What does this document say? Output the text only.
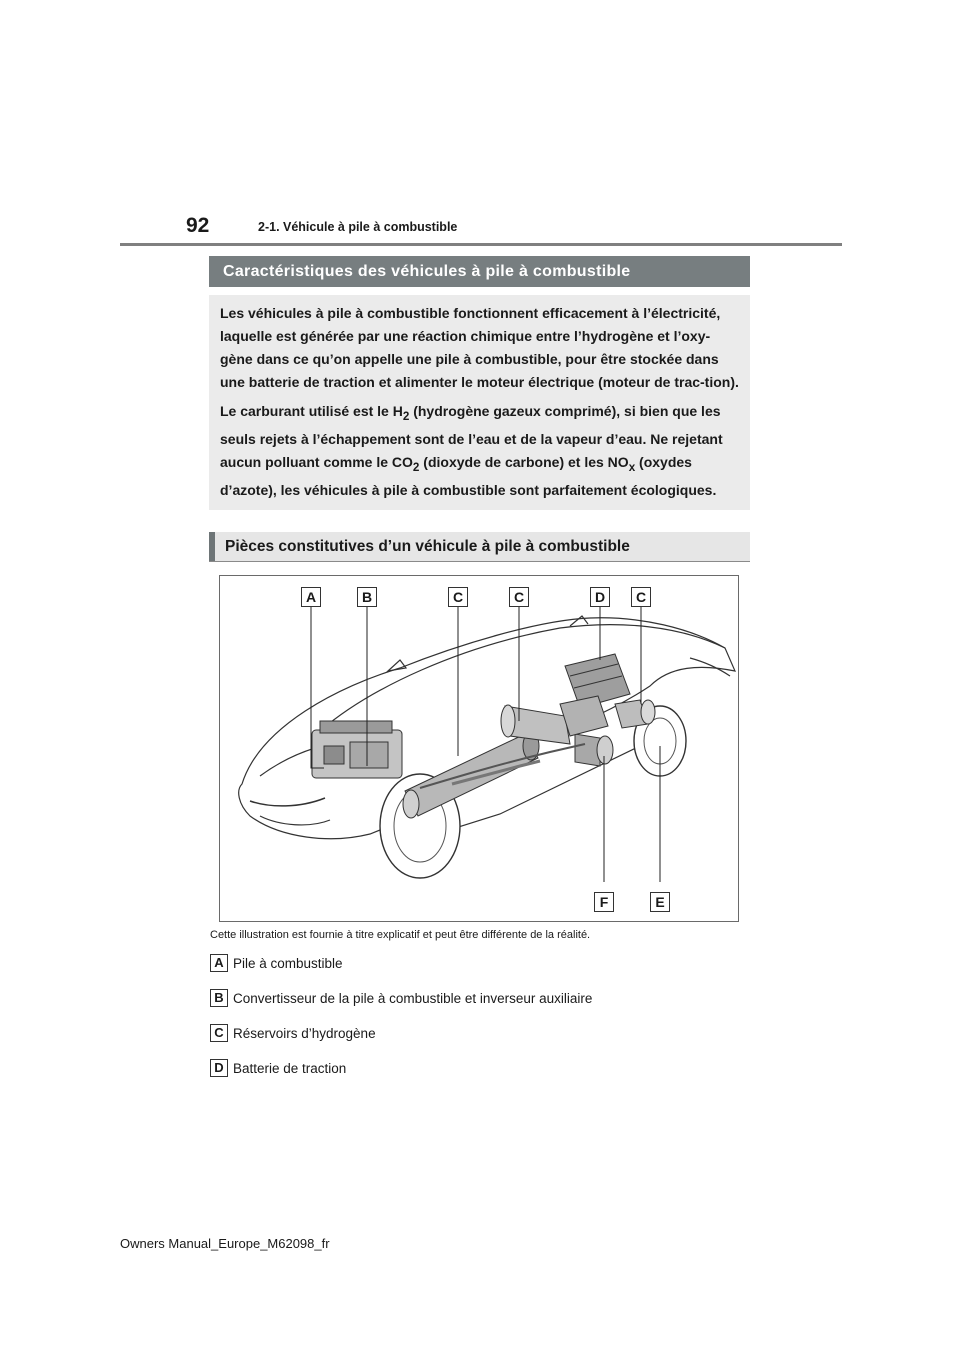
92	2-1. Véhicule à pile à combustible
Caractéristiques des véhicules à pile à combustible

Les véhicules à pile à combustible fonctionnent efficacement à l’électricité, laquelle est générée par une réaction chimique entre l’hydrogène et l’oxy-gène dans ce qu’on appelle une pile à combustible, pour être stockée dans une batterie de traction et alimenter le moteur électrique (moteur de trac-tion).

Le carburant utilisé est le $H_2$ (hydrogène gazeux comprimé), si bien que les seuls rejets à l’échappement sont de l’eau et de la vapeur d’eau. Ne rejetant aucun polluant comme le $CO_2$ (dioxyde de carbone) et les $NO_x$ (oxydes d’azote), les véhicules à pile à combustible sont parfaitement écologiques.

Pièces constitutives d’un véhicule à pile à combustible
A	B	C	C	D	C
F	E
Cette illustration est fournie à titre explicatif et peut être différente de la réalité.
A Pile à combustible
B Convertisseur de la pile à combustible et inverseur auxiliaire
C Réservoirs d’hydrogène
D Batterie de traction
Owners Manual_Europe_M62098_fr
